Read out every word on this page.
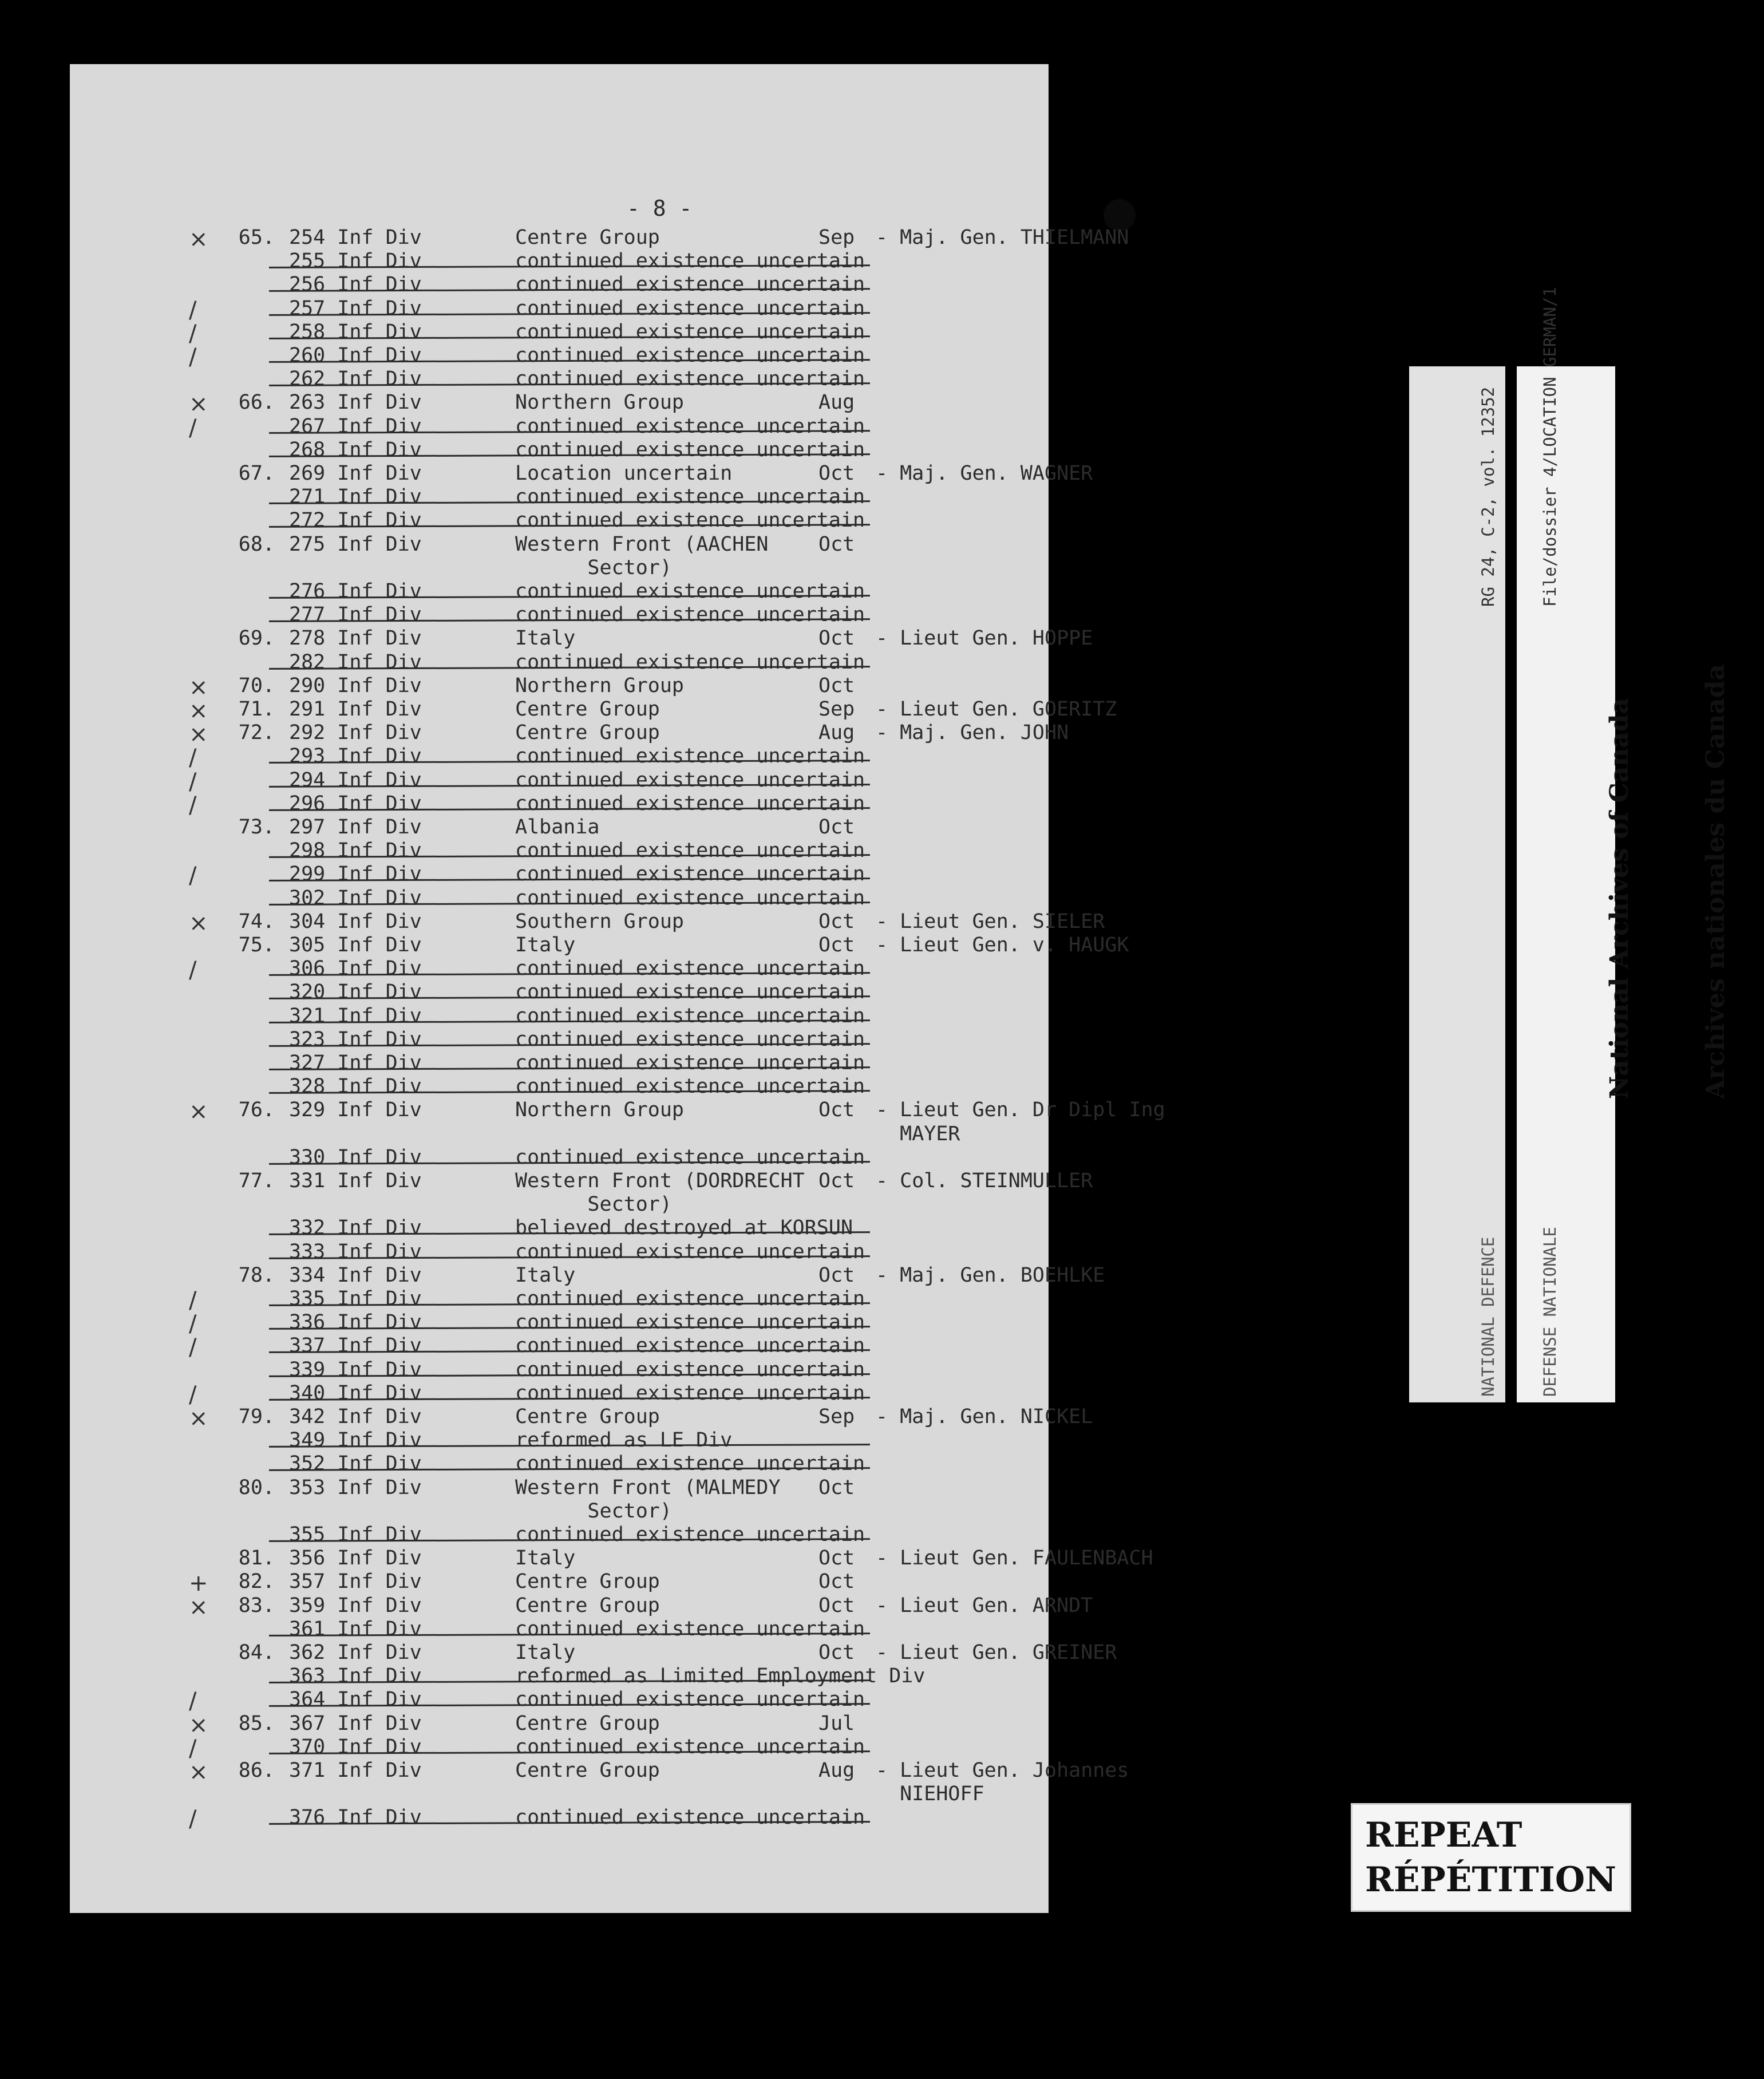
- 8 -
×	65. 254 Inf Div	Centre Group	Sep - Maj. Gen. THIELMANN
255 Inf Div	continued existence uncertain
256 Inf Div	continued existence uncertain
/	257 Inf Div	continued existence uncertain
/	258 Inf Div	continued existence uncertain
/	260 Inf Div	continued existence uncertain
262 Inf Div	continued existence uncertain
×	66. 263 Inf Div	Northern Group	Aug
/	267 Inf Div	continued existence uncertain
268 Inf Div	continued existence uncertain
67. 269 Inf Div	Location uncertain	Oct - Maj. Gen. WAGNER
271 Inf Div	continued existence uncertain
272 Inf Div	continued existence uncertain
68. 275 Inf Div	Western Front (AACHEN Oct
Sector)
276 Inf Div	continued existence uncertain
277 Inf Div	continued existence uncertain
69. 278 Inf Div	Italy	Oct - Lieut Gen. HOPPE
282 Inf Div	continued existence uncertain
×	70. 290 Inf Div	Northern Group	Oct
×	71. 291 Inf Div	Centre Group	Sep - Lieut Gen. GOERITZ
×	72. 292 Inf Div	Centre Group	Aug - Maj. Gen. JOHN
/	293 Inf Div	continued existence uncertain
/	294 Inf Div	continued existence uncertain
/	296 Inf Div	continued existence uncertain
73. 297 Inf Div	Albania	Oct
298 Inf Div	continued existence uncertain
/	299 Inf Div	continued existence uncertain
302 Inf Div	continued existence uncertain
×	74. 304 Inf Div	Southern Group	Oct - Lieut Gen. SIELER
75. 305 Inf Div	Italy	Oct - Lieut Gen. v. HAUGK
/	306 Inf Div	continued existence uncertain
320 Inf Div	continued existence uncertain
321 Inf Div	continued existence uncertain
323 Inf Div	continued existence uncertain
327 Inf Div	continued existence uncertain
328 Inf Div	continued existence uncertain
×	76. 329 Inf Div	Northern Group	Oct - Lieut Gen. Dr Dipl Ing
MAYER
330 Inf Div	continued existence uncertain
77. 331 Inf Div	Western Front (DORDRECHT Oct - Col. STEINMULLER
Sector)
332 Inf Div	believed destroyed at KORSUN
333 Inf Div	continued existence uncertain
78. 334 Inf Div	Italy	Oct - Maj. Gen. BOEHLKE
/	335 Inf Div	continued existence uncertain
/	336 Inf Div	continued existence uncertain
/	337 Inf Div	continued existence uncertain
339 Inf Div	continued existence uncertain
/	340 Inf Div	continued existence uncertain
×	79. 342 Inf Div	Centre Group	Sep - Maj. Gen. NICKEL
349 Inf Div	reformed as LE Div
352 Inf Div	continued existence uncertain
80. 353 Inf Div	Western Front (MALMEDY Oct
Sector)
355 Inf Div	continued existence uncertain
81. 356 Inf Div	Italy	Oct - Lieut Gen. FAULENBACH
+	82. 357 Inf Div	Centre Group	Oct
×	83. 359 Inf Div	Centre Group	Oct - Lieut Gen. ARNDT
361 Inf Div	continued existence uncertain
84. 362 Inf Div	Italy	Oct - Lieut Gen. GREINER
363 Inf Div	reformed as Limited Employment Div
/	364 Inf Div	continued existence uncertain
×	85. 367 Inf Div	Centre Group	Jul
/	370 Inf Div	continued existence uncertain
×	86. 371 Inf Div	Centre Group	Aug - Lieut Gen. Johannes
NIEHOFF
/	376 Inf Div	continued existence uncertain

RG 24, C-2, vol. 12352

	File/dossier 4/LOCATION GERMAN/1

NATIONAL DEFENCE

	DEFENSE NATIONALE

National Archives of Canada

	Archives nationales du Canada

REPEAT
RÉPÉTITION
